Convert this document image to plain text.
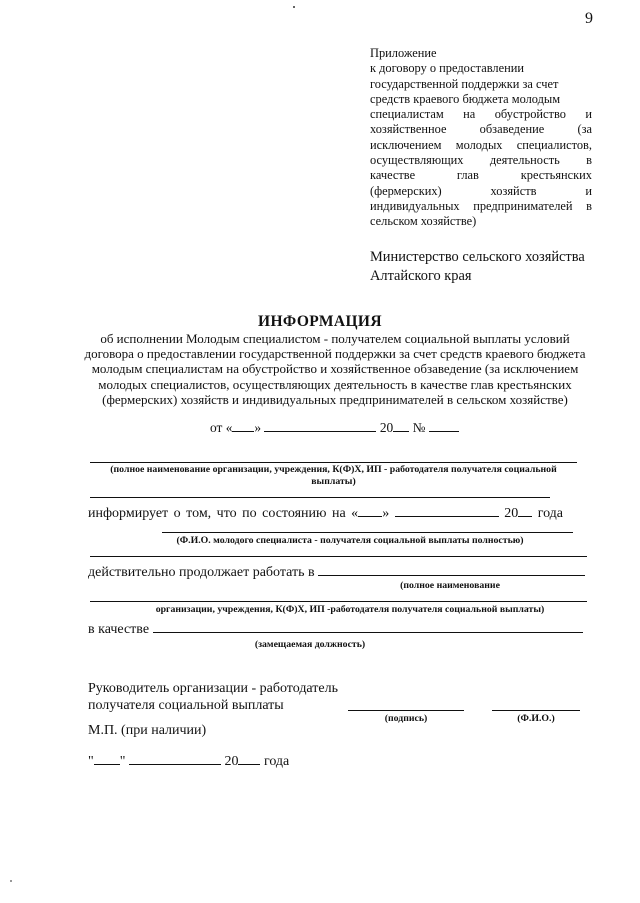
9
Приложение
к договору о предоставлении
государственной поддержки за счет
средств краевого бюджета молодым
специалистам на обустройство и
хозяйственное	обзаведение	(за
исключением молодых специалистов,
осуществляющих деятельность в
качестве	глав	крестьянских
(фермерских)	хозяйств	и
индивидуальных предпринимателей в
сельском хозяйстве)
Министерство сельского хозяйства
Алтайского края
ИНФОРМАЦИЯ
об исполнении Молодым специалистом - получателем социальной выплаты условий
договора о предоставлении государственной поддержки за счет средств краевого бюджета
молодым специалистам на обустройство и хозяйственное обзаведение (за исключением
молодых специалистов, осуществляющих деятельность в качестве глав крестьянских
(фермерских) хозяйств и индивидуальных предпринимателей в сельском хозяйстве)
от « »	20 №
(полное наименование организации, учреждения, К(Ф)Х, ИП - работодателя получателя социальной
выплаты)
информирует о том, что по состоянию на « »	20 года
(Ф.И.О. молодого специалиста - получателя социальной выплаты полностью)
действительно продолжает работать в
(полное наименование
организации, учреждения, К(Ф)Х, ИП -работодателя получателя социальной выплаты)
в качестве
(замещаемая должность)
Руководитель организации - работодатель
получателя социальной выплаты
(подпись)	(Ф.И.О.)
М.П. (при наличии)
" "	20 года
